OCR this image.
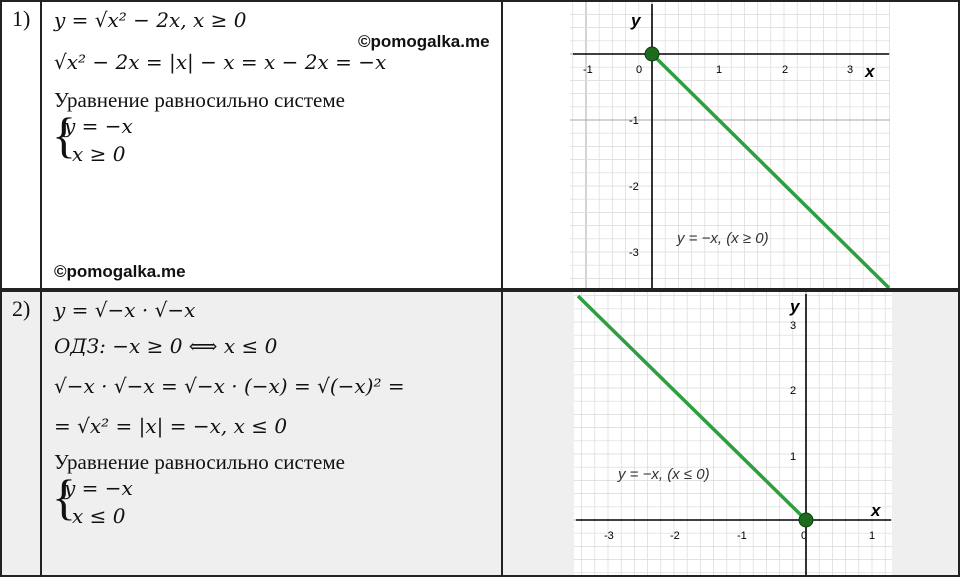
1) y = √x² − 2x, x ≥ 0
√x² − 2x = |x| − x = x − 2x = −x
Уравнение равносильно системе
{
y = −x
x ≥ 0
©pomogalka.me
©pomogalka.me
x
y
-1	0	1	2	3
-1
-2
-3
y = −x, (x ≥ 0)
2) y = √−x · √−x
ОДЗ: −x ≥ 0 ⟺ x ≤ 0
√−x · √−x = √−x · (−x) = √(−x)² =
= √x² = |x| = −x, x ≤ 0
Уравнение равносильно системе
{
y = −x
x ≤ 0	x
y
-3	-2	-1	0	1
3
2
1
y = −x, (x ≤ 0)
